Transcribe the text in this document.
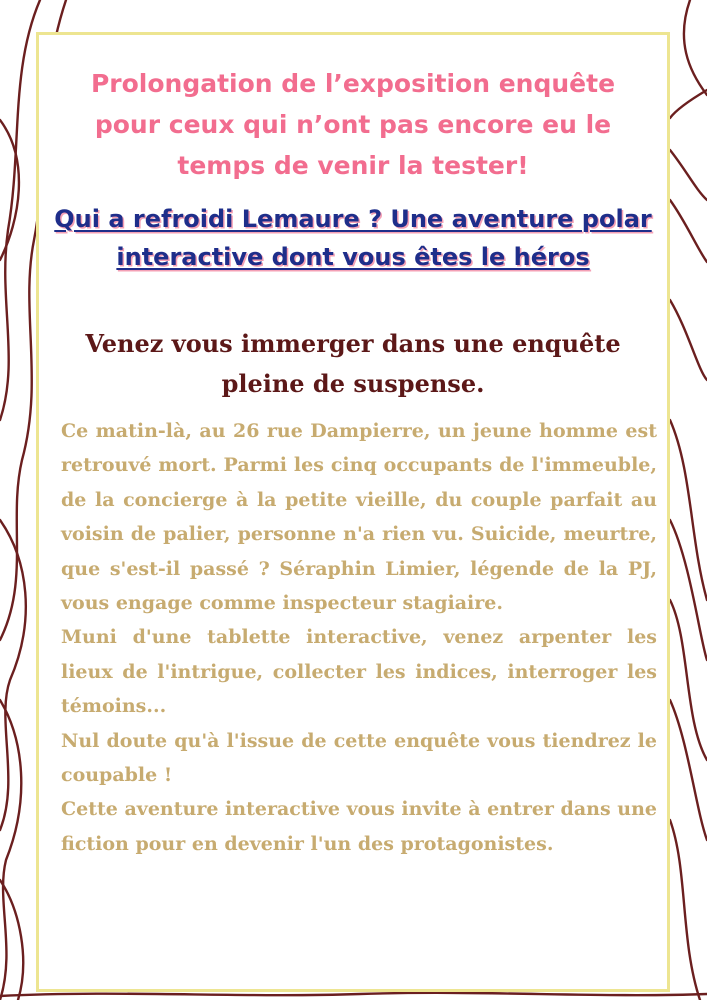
Prolongation de l’exposition enquête pour ceux qui n’ont pas encore eu le temps de venir la tester!
Qui a refroidi Lemaure ? Une aventure polar interactive dont vous êtes le héros
Venez vous immerger dans une enquête pleine de suspense.

Ce matin-là, au 26 rue Dampierre, un jeune homme est retrouvé mort. Parmi les cinq occupants de l'immeuble, de la concierge à la petite vieille, du couple parfait au voisin de palier, personne n'a rien vu. Suicide, meurtre, que s'est-il passé ? Séraphin Limier, légende de la PJ, vous engage comme inspecteur stagiaire.

Muni d'une tablette interactive, venez arpenter les lieux de l'intrigue, collecter les indices, interroger les témoins...

Nul doute qu'à l'issue de cette enquête vous tiendrez le coupable !

Cette aventure interactive vous invite à entrer dans une fiction pour en devenir l'un des protagonistes.
